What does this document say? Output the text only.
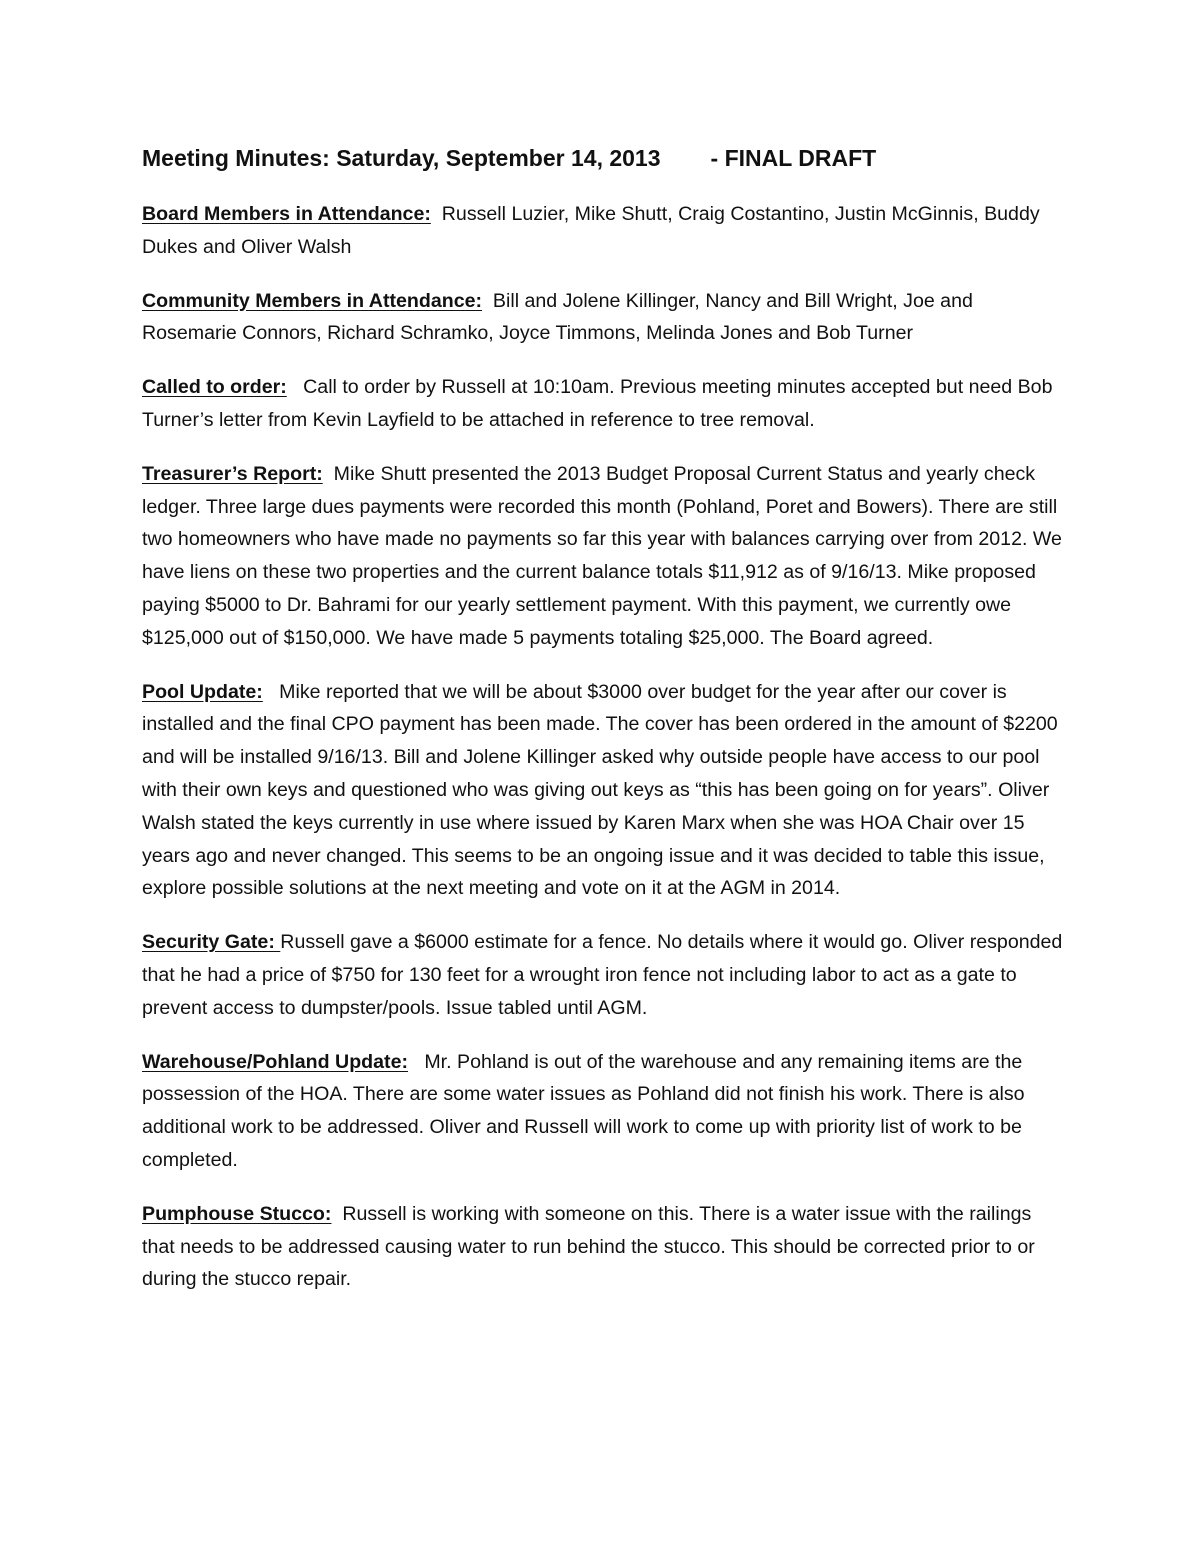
Meeting Minutes: Saturday, September 14, 2013 - FINAL DRAFT

Board Members in Attendance: Russell Luzier, Mike Shutt, Craig Costantino, Justin McGinnis, Buddy Dukes and Oliver Walsh

Community Members in Attendance: Bill and Jolene Killinger, Nancy and Bill Wright, Joe and Rosemarie Connors, Richard Schramko, Joyce Timmons, Melinda Jones and Bob Turner

Called to order: Call to order by Russell at 10:10am. Previous meeting minutes accepted but need Bob Turner’s letter from Kevin Layfield to be attached in reference to tree removal.

Treasurer’s Report: Mike Shutt presented the 2013 Budget Proposal Current Status and yearly check ledger. Three large dues payments were recorded this month (Pohland, Poret and Bowers). There are still two homeowners who have made no payments so far this year with balances carrying over from 2012. We have liens on these two properties and the current balance totals $11,912 as of 9/16/13. Mike proposed paying $5000 to Dr. Bahrami for our yearly settlement payment. With this payment, we currently owe $125,000 out of $150,000. We have made 5 payments totaling $25,000. The Board agreed.

Pool Update: Mike reported that we will be about $3000 over budget for the year after our cover is installed and the final CPO payment has been made. The cover has been ordered in the amount of $2200 and will be installed 9/16/13. Bill and Jolene Killinger asked why outside people have access to our pool with their own keys and questioned who was giving out keys as “this has been going on for years”. Oliver Walsh stated the keys currently in use where issued by Karen Marx when she was HOA Chair over 15 years ago and never changed. This seems to be an ongoing issue and it was decided to table this issue, explore possible solutions at the next meeting and vote on it at the AGM in 2014.

Security Gate: Russell gave a $6000 estimate for a fence. No details where it would go. Oliver responded that he had a price of $750 for 130 feet for a wrought iron fence not including labor to act as a gate to prevent access to dumpster/pools. Issue tabled until AGM.

Warehouse/Pohland Update: Mr. Pohland is out of the warehouse and any remaining items are the possession of the HOA. There are some water issues as Pohland did not finish his work. There is also additional work to be addressed. Oliver and Russell will work to come up with priority list of work to be completed.

Pumphouse Stucco: Russell is working with someone on this. There is a water issue with the railings that needs to be addressed causing water to run behind the stucco. This should be corrected prior to or during the stucco repair.
